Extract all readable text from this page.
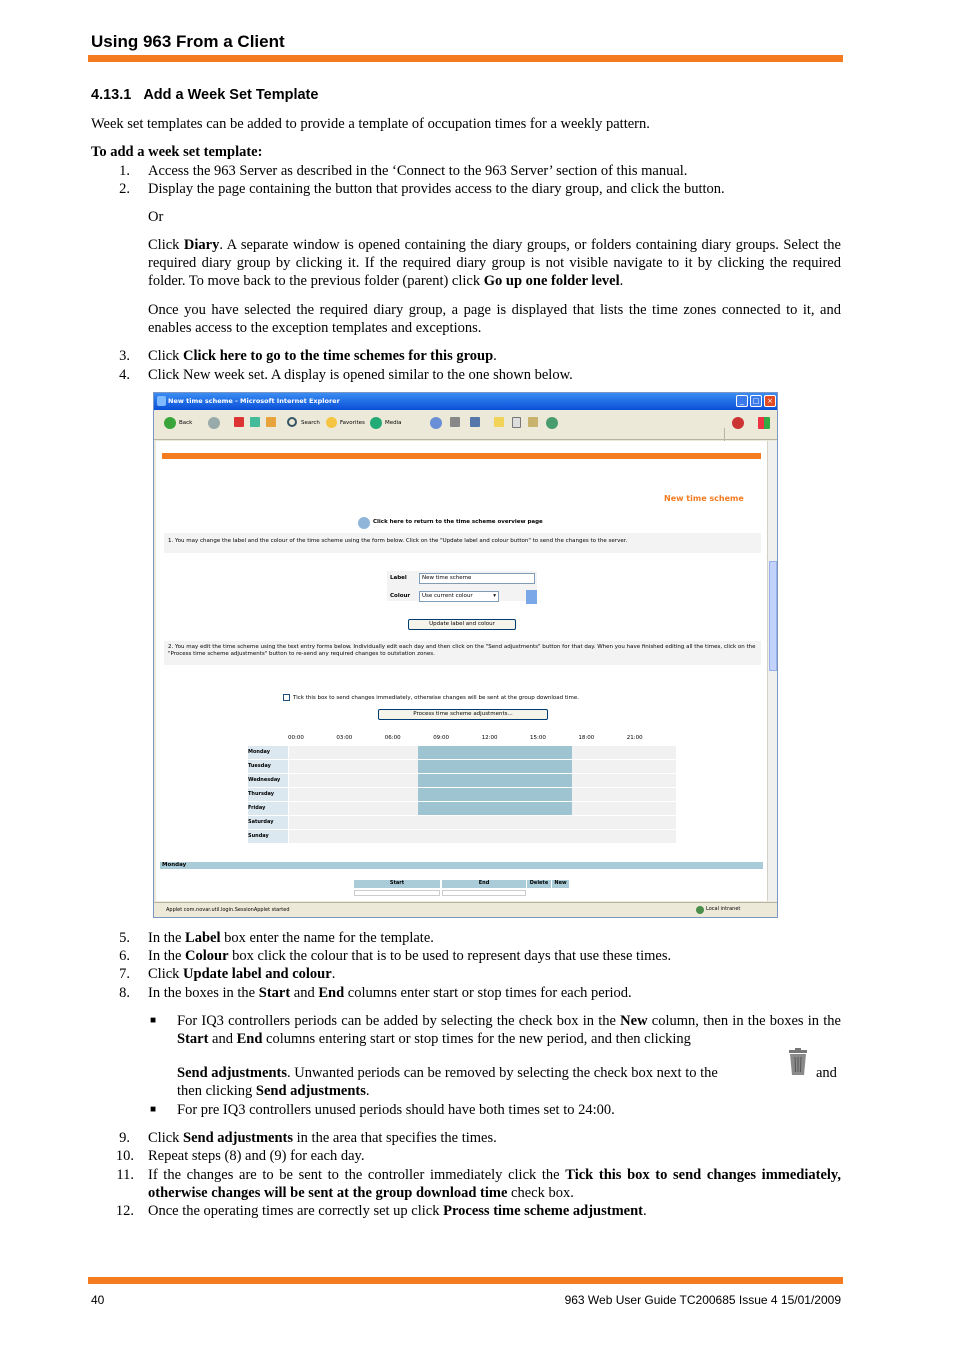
Using 963 From a Client
4.13.1 Add a Week Set Template
Week set templates can be added to provide a template of occupation times for a weekly pattern.
To add a week set template:
1. Access the 963 Server as described in the ‘Connect to the 963 Server’ section of this manual.
2. Display the page containing the button that provides access to the diary group, and click the button.
Or
Click Diary. A separate window is opened containing the diary groups, or folders containing diary groups. Select the required diary group by clicking it. If the required diary group is not visible navigate to it by clicking the required folder. To move back to the previous folder (parent) click Go up one folder level.
Once you have selected the required diary group, a page is displayed that lists the time zones connected to it, and enables access to the exception templates and exceptions.
3. Click Click here to go to the time schemes for this group.
4. Click New week set. A display is opened similar to the one shown below.
New time scheme - Microsoft Internet Explorer	_	□	×
Back	Search	Favorites	Media
New time scheme
Click here to return to the time scheme overview page
1. You may change the label and the colour of the time scheme using the form below. Click on the "Update label and colour button" to send the changes to the server.
Label	New time scheme
Colour	Use current colour	▾
Update label and colour
2. You may edit the time scheme using the text entry forms below. Individually edit each day and then click on the "Send adjustments" button for that day. When you have finished editing all the times, click on the "Process time scheme adjustments" button to re-send any required changes to outstation zones.
Tick this box to send changes immediately, otherwise changes will be sent at the group download time.
Process time scheme adjustments...
00:00	03:00	06:00	09:00	12:00	15:00	18:00	21:00
Monday
Tuesday
Wednesday
Thursday
Friday
Saturday
Sunday
Monday
Start	End	Delete	New
Applet com.novar.util.login.SessionApplet started	Local intranet
5. In the Label box enter the name for the template.
6. In the Colour box click the colour that is to be used to represent days that use these times.
7. Click Update label and colour.
8. In the boxes in the Start and End columns enter start or stop times for each period.
■ For IQ3 controllers periods can be added by selecting the check box in the New column, then in the boxes in the Start and End columns entering start or stop times for the new period, and then clicking
Send adjustments. Unwanted periods can be removed by selecting the check box next to the	and
then clicking Send adjustments.
■ For pre IQ3 controllers unused periods should have both times set to 24:00.
9. Click Send adjustments in the area that specifies the times.
10. Repeat steps (8) and (9) for each day.
11. If the changes are to be sent to the controller immediately click the Tick this box to send changes immediately, otherwise changes will be sent at the group download time check box.
12. Once the operating times are correctly set up click Process time scheme adjustment.
40	963 Web User Guide TC200685 Issue 4 15/01/2009
